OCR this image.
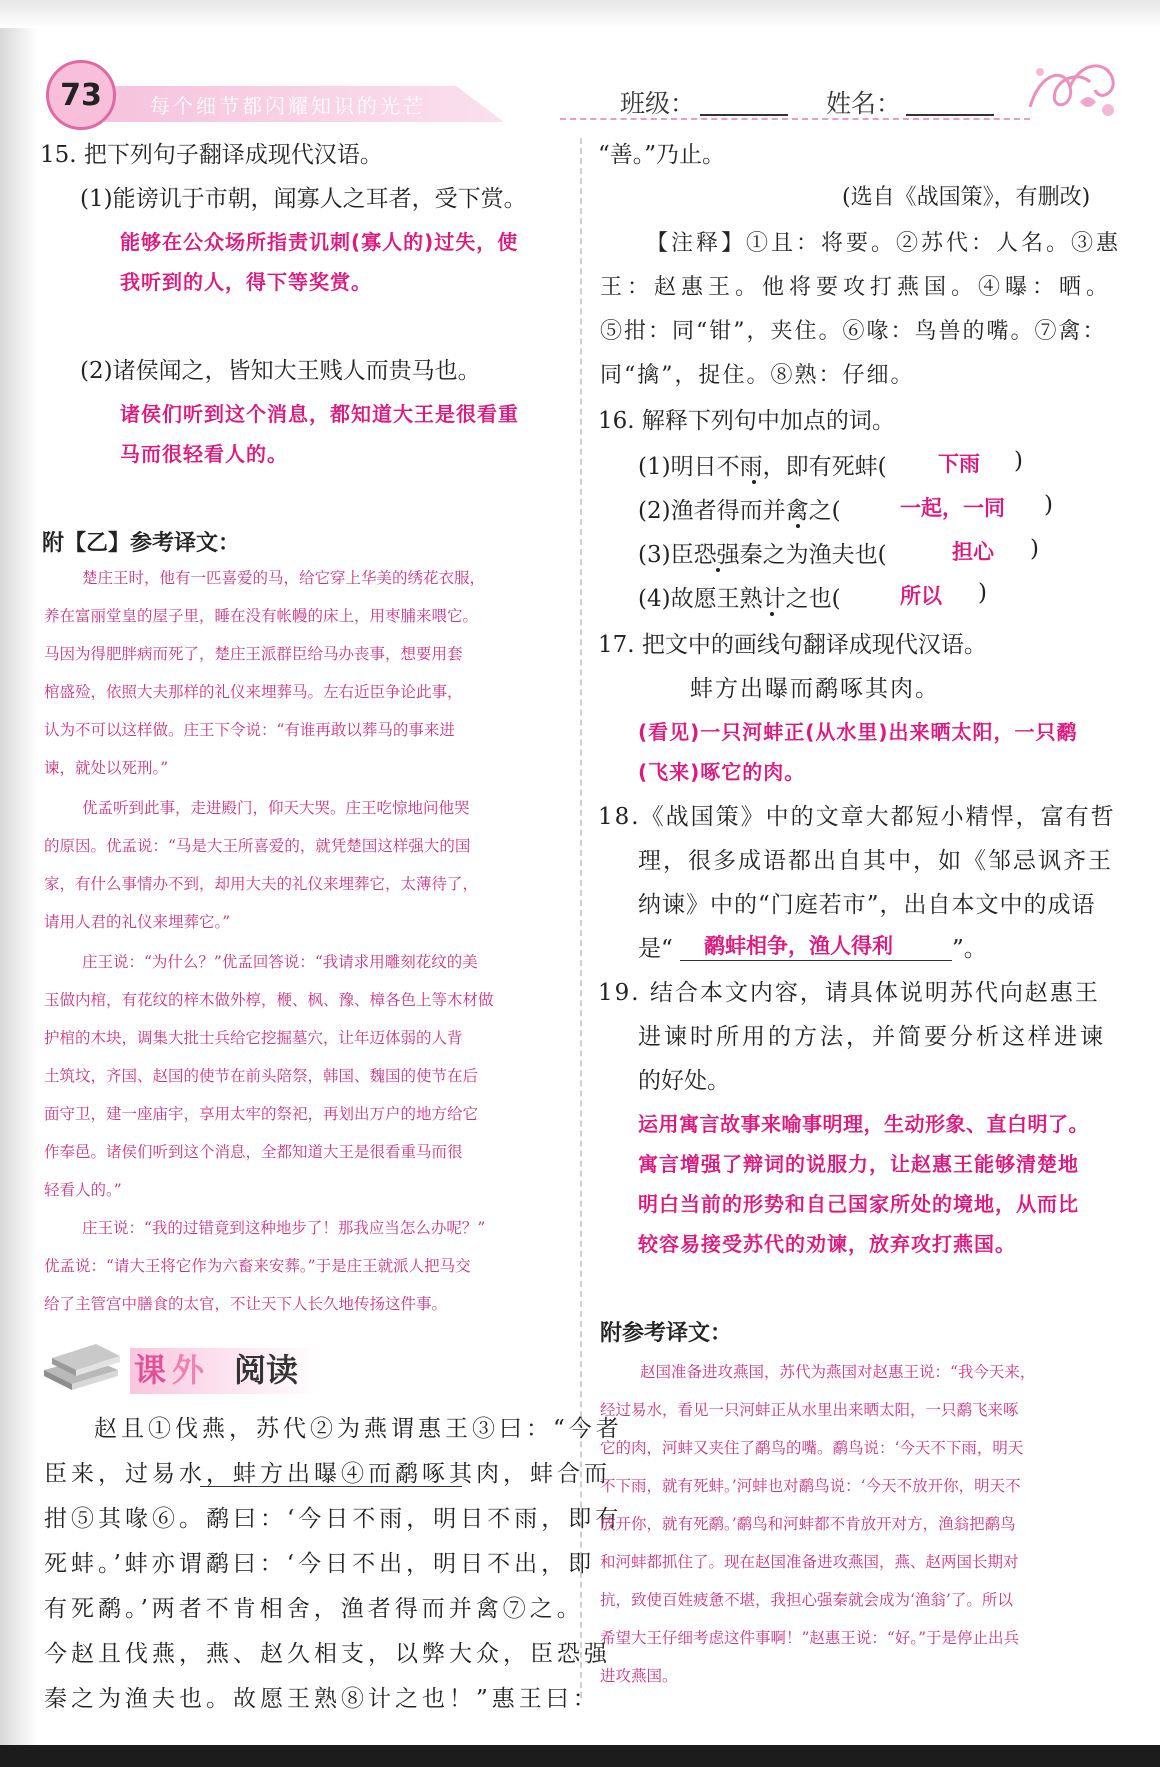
73	每个细节都闪耀知识的光芒	班级：	姓名：
15. 把下列句子翻译成现代汉语。
(1)能谤讥于市朝，闻寡人之耳者，受下赏。
能够在公众场所指责讥刺(寡人的)过失，使
我听到的人，得下等奖赏。
(2)诸侯闻之，皆知大王贱人而贵马也。
诸侯们听到这个消息，都知道大王是很看重
马而很轻看人的。
附【乙】参考译文：
楚庄王时，他有一匹喜爱的马，给它穿上华美的绣花衣服，
养在富丽堂皇的屋子里，睡在没有帐幔的床上，用枣脯来喂它。
马因为得肥胖病而死了，楚庄王派群臣给马办丧事，想要用套
棺盛殓，依照大夫那样的礼仪来埋葬马。左右近臣争论此事，
认为不可以这样做。庄王下令说：“有谁再敢以葬马的事来进
谏，就处以死刑。”
优孟听到此事，走进殿门，仰天大哭。庄王吃惊地问他哭
的原因。优孟说：“马是大王所喜爱的，就凭楚国这样强大的国
家，有什么事情办不到，却用大夫的礼仪来埋葬它，太薄待了，
请用人君的礼仪来埋葬它。”
庄王说：“为什么？”优孟回答说：“我请求用雕刻花纹的美
玉做内棺，有花纹的梓木做外椁，楩、枫、豫、樟各色上等木材做
护棺的木块，调集大批士兵给它挖掘墓穴，让年迈体弱的人背
土筑坟，齐国、赵国的使节在前头陪祭，韩国、魏国的使节在后
面守卫，建一座庙宇，享用太牢的祭祀，再划出万户的地方给它
作奉邑。诸侯们听到这个消息，全都知道大王是很看重马而很
轻看人的。”
庄王说：“我的过错竟到这种地步了！那我应当怎么办呢？”
优孟说：“请大王将它作为六畜来安葬。”于是庄王就派人把马交
给了主管宫中膳食的太官，不让天下人长久地传扬这件事。
课 外 阅读
赵且①伐燕，苏代②为燕谓惠王③曰：“今者
臣来，过易水，蚌方出曝④而鹬啄其肉，蚌合而
拑⑤其喙⑥。鹬曰：‘今日不雨，明日不雨，即有
死蚌。’蚌亦谓鹬曰：‘今日不出，明日不出，即
有死鹬。’两者不肯相舍，渔者得而并禽⑦之。
今赵且伐燕，燕、赵久相支，以弊大众，臣恐强
秦之为渔夫也。故愿王熟⑧计之也！”惠王曰：
“善。”乃止。
(选自《战国策》，有删改)
【注释】①且：将要。②苏代：人名。③惠
王：赵惠王。他将要攻打燕国。④曝：晒。
⑤拑：同“钳”，夹住。⑥喙：鸟兽的嘴。⑦禽：
同“擒”，捉住。⑧熟：仔细。
16. 解释下列句中加点的词。
(1)明日不雨，即有死蚌( 下雨 )
(2)渔者得而并禽之(	一起，一同 )
(3)臣恐强秦之为渔夫也(	担心 )
(4)故愿王熟计之也(	所以 )
17. 把文中的画线句翻译成现代汉语。
蚌方出曝而鹬啄其肉。
(看见)一只河蚌正(从水里)出来晒太阳，一只鹬
(飞来)啄它的肉。
18.《战国策》中的文章大都短小精悍，富有哲
理，很多成语都出自其中，如《邹忌讽齐王
纳谏》中的“门庭若市”，出自本文中的成语
是“ 鹬蚌相争，渔人得利	”。
19. 结合本文内容，请具体说明苏代向赵惠王
进谏时所用的方法，并简要分析这样进谏
的好处。
运用寓言故事来喻事明理，生动形象、直白明了。
寓言增强了辩词的说服力，让赵惠王能够清楚地
明白当前的形势和自己国家所处的境地，从而比
较容易接受苏代的劝谏，放弃攻打燕国。
附参考译文：
赵国准备进攻燕国，苏代为燕国对赵惠王说：“我今天来，
经过易水，看见一只河蚌正从水里出来晒太阳，一只鹬飞来啄
它的肉，河蚌又夹住了鹬鸟的嘴。鹬鸟说：‘今天不下雨，明天
不下雨，就有死蚌。’河蚌也对鹬鸟说：‘今天不放开你，明天不
放开你，就有死鹬。’鹬鸟和河蚌都不肯放开对方，渔翁把鹬鸟
和河蚌都抓住了。现在赵国准备进攻燕国，燕、赵两国长期对
抗，致使百姓疲惫不堪，我担心强秦就会成为‘渔翁’了。所以
希望大王仔细考虑这件事啊！”赵惠王说：“好。”于是停止出兵
进攻燕国。
